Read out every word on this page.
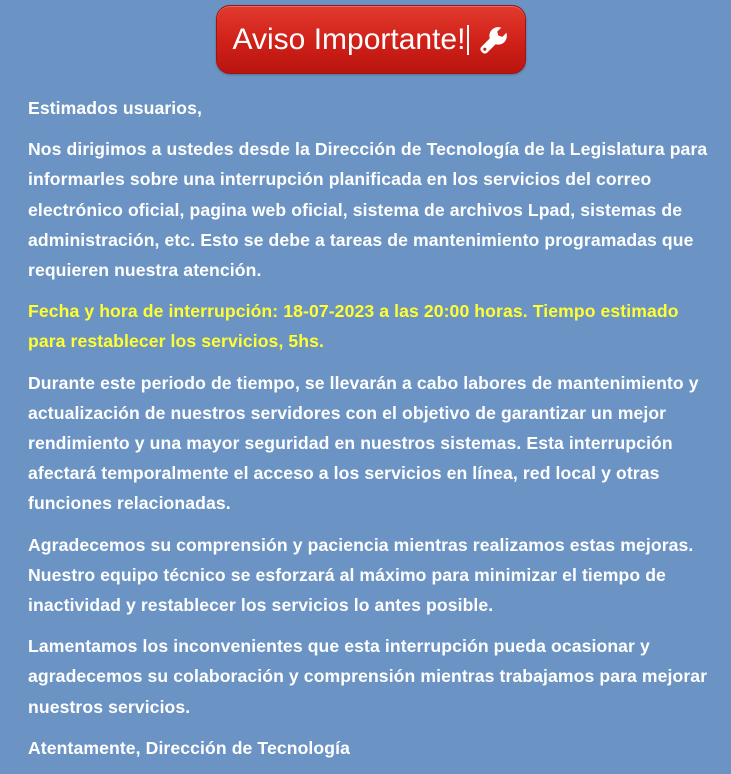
Aviso Importante!

Estimados usuarios,

Nos dirigimos a ustedes desde la Dirección de Tecnología de la Legislatura para informarles sobre una interrupción planificada en los servicios del correo electrónico oficial, pagina web oficial, sistema de archivos Lpad, sistemas de administración, etc. Esto se debe a tareas de mantenimiento programadas que requieren nuestra atención.

Fecha y hora de interrupción: 18-07-2023 a las 20:00 horas. Tiempo estimado para restablecer los servicios, 5hs.

Durante este periodo de tiempo, se llevarán a cabo labores de mantenimiento y actualización de nuestros servidores con el objetivo de garantizar un mejor rendimiento y una mayor seguridad en nuestros sistemas. Esta interrupción afectará temporalmente el acceso a los servicios en línea, red local y otras funciones relacionadas.

Agradecemos su comprensión y paciencia mientras realizamos estas mejoras. Nuestro equipo técnico se esforzará al máximo para minimizar el tiempo de inactividad y restablecer los servicios lo antes posible.

Lamentamos los inconvenientes que esta interrupción pueda ocasionar y agradecemos su colaboración y comprensión mientras trabajamos para mejorar nuestros servicios.

Atentamente, Dirección de Tecnología
